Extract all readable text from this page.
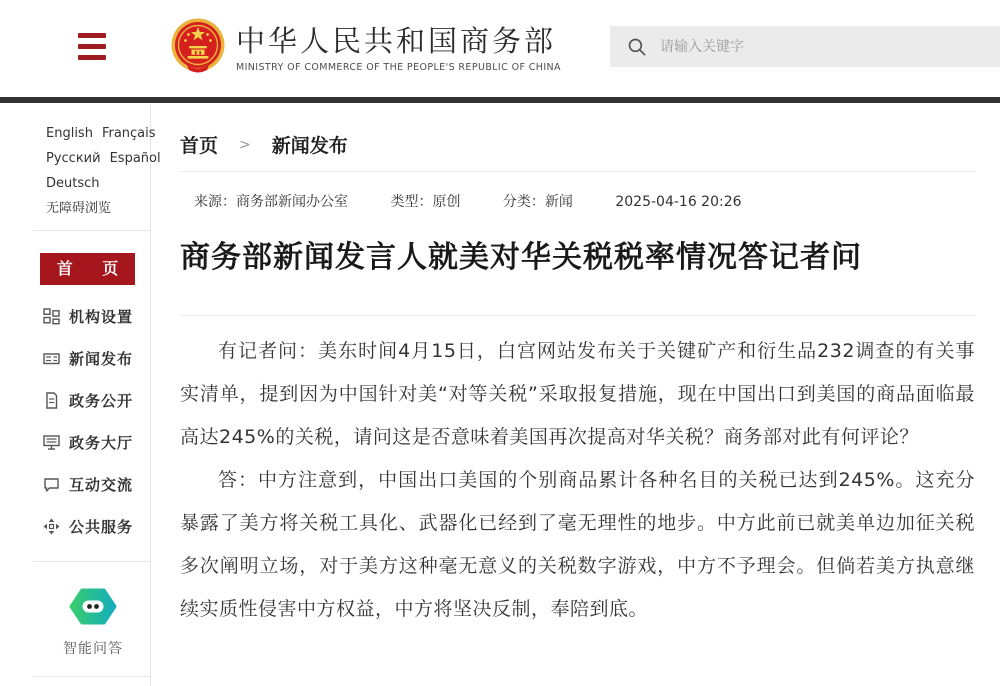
中华人民共和国商务部
MINISTRY OF COMMERCE OF THE PEOPLE'S REPUBLIC OF CHINA
请输入关键字
English Français
Русский Español
Deutsch
无障碍浏览
首 页
机构设置
新闻发布
政务公开
政务大厅
互动交流
公共服务
智能问答
首页 > 新闻发布
来源：商务部新闻办公室	类型：原创	分类：新闻	2025-04-16 20:26
商务部新闻发言人就美对华关税税率情况答记者问

有记者问：美东时间4月15日，白宫网站发布关于关键矿产和衍生品232调查的有关事实清单，提到因为中国针对美“对等关税”采取报复措施，现在中国出口到美国的商品面临最高达245%的关税，请问这是否意味着美国再次提高对华关税？商务部对此有何评论？

答：中方注意到，中国出口美国的个别商品累计各种名目的关税已达到245%。这充分暴露了美方将关税工具化、武器化已经到了毫无理性的地步。中方此前已就美单边加征关税多次阐明立场，对于美方这种毫无意义的关税数字游戏，中方不予理会。但倘若美方执意继续实质性侵害中方权益，中方将坚决反制，奉陪到底。
